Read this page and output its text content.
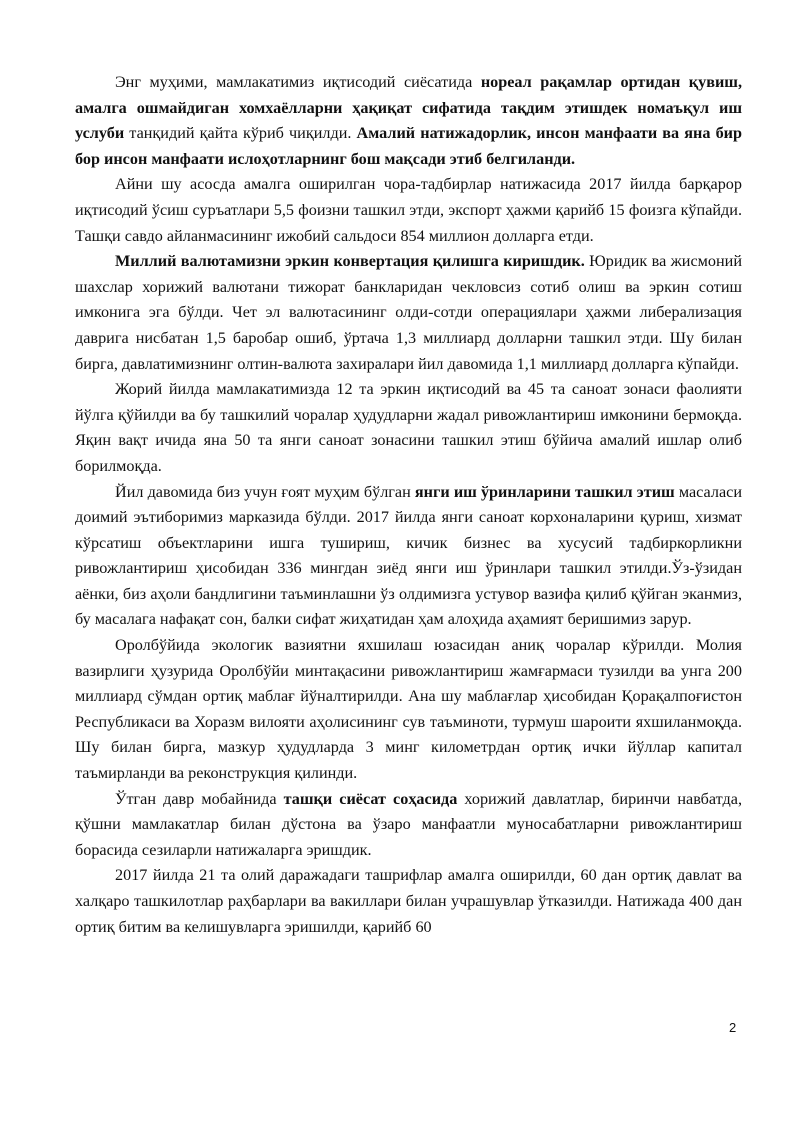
Энг муҳими, мамлакатимиз иқтисодий сиёсатида нореал рақамлар ортидан қувиш, амалга ошмайдиган хомхаёлларни ҳақиқат сифатида тақдим этишдек номаъқул иш услуби танқидий қайта кўриб чиқилди. Амалий натижадорлик, инсон манфаати ва яна бир бор инсон манфаати ислоҳотларнинг бош мақсади этиб белгиланди.

Айни шу асосда амалга оширилган чора-тадбирлар натижасида 2017 йилда барқарор иқтисодий ўсиш суръатлари 5,5 фоизни ташкил этди, экспорт ҳажми қарийб 15 фоизга кўпайди. Ташқи савдо айланмасининг ижобий сальдоси 854 миллион долларга етди.

Миллий валютамизни эркин конвертация қилишга киришдик. Юридик ва жисмоний шахслар хорижий валютани тижорат банкларидан чекловсиз сотиб олиш ва эркин сотиш имконига эга бўлди. Чет эл валютасининг олди-сотди операциялари ҳажми либерализация даврига нисбатан 1,5 баробар ошиб, ўртача 1,3 миллиард долларни ташкил этди. Шу билан бирга, давлатимизнинг олтин-валюта захиралари йил давомида 1,1 миллиард долларга кўпайди.

Жорий йилда мамлакатимизда 12 та эркин иқтисодий ва 45 та саноат зонаси фаолияти йўлга қўйилди ва бу ташкилий чоралар ҳудудларни жадал ривожлантириш имконини бермоқда. Яқин вақт ичида яна 50 та янги саноат зонасини ташкил этиш бўйича амалий ишлар олиб борилмоқда.

Йил давомида биз учун ғоят муҳим бўлган янги иш ўринларини ташкил этиш масаласи доимий эътиборимиз марказида бўлди. 2017 йилда янги саноат корхоналарини қуриш, хизмат кўрсатиш объектларини ишга тушириш, кичик бизнес ва хусусий тадбиркорликни ривожлантириш ҳисобидан 336 мингдан зиёд янги иш ўринлари ташкил этилди.Ўз-ўзидан аёнки, биз аҳоли бандлигини таъминлашни ўз олдимизга устувор вазифа қилиб қўйган эканмиз, бу масалага нафақат сон, балки сифат жиҳатидан ҳам алоҳида аҳамият беришимиз зарур.

Оролбўйида экологик вазиятни яхшилаш юзасидан аниқ чоралар кўрилди. Молия вазирлиги ҳузурида Оролбўйи минтақасини ривожлантириш жамғармаси тузилди ва унга 200 миллиард сўмдан ортиқ маблағ йўналтирилди. Ана шу маблағлар ҳисобидан Қорақалпоғистон Республикаси ва Хоразм вилояти аҳолисининг сув таъминоти, турмуш шароити яхшиланмоқда. Шу билан бирга, мазкур ҳудудларда 3 минг километрдан ортиқ ички йўллар капитал таъмирланди ва реконструкция қилинди.

Ўтган давр мобайнида ташқи сиёсат соҳасида хорижий давлатлар, биринчи навбатда, қўшни мамлакатлар билан дўстона ва ўзаро манфаатли муносабатларни ривожлантириш борасида сезиларли натижаларга эришдик.

2017 йилда 21 та олий даражадаги ташрифлар амалга оширилди, 60 дан ортиқ давлат ва халқаро ташкилотлар раҳбарлари ва вакиллари билан учрашувлар ўтказилди. Натижада 400 дан ортиқ битим ва келишувларга эришилди, қарийб 60

2
